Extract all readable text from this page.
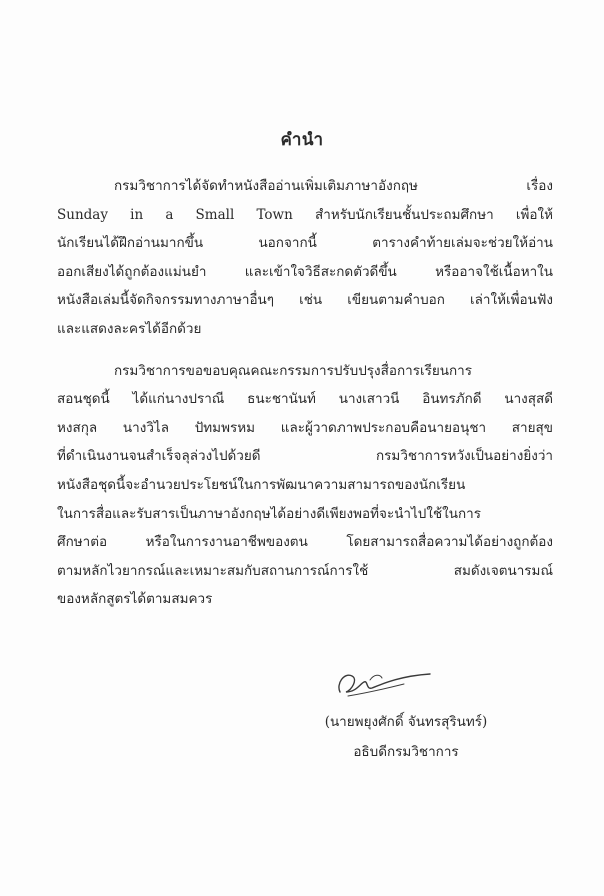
คำนำ

กรมวิชาการได้จัดทำหนังสืออ่านเพิ่มเติมภาษาอังกฤษ เรื่อง
Sunday in a Small Town สำหรับนักเรียนชั้นประถมศึกษา เพื่อให้
นักเรียนได้ฝึกอ่านมากขึ้น นอกจากนี้ ตารางคำท้ายเล่มจะช่วยให้อ่าน
ออกเสียงได้ถูกต้องแม่นยำ และเข้าใจวิธีสะกดตัวดีขึ้น หรืออาจใช้เนื้อหาใน
หนังสือเล่มนี้จัดกิจกรรมทางภาษาอื่นๆ เช่น เขียนตามคำบอก เล่าให้เพื่อนฟัง
และแสดงละครได้อีกด้วย

กรมวิชาการขอขอบคุณคณะกรรมการปรับปรุงสื่อการเรียนการ
สอนชุดนี้ ได้แก่นางปราณี ธนะชานันท์ นางเสาวนี อินทรภักดี นางสุสดี
หงสกุล นางวิไล ปัทมพรหม และผู้วาดภาพประกอบคือนายอนุชา สายสุข
ที่ดำเนินงานจนสำเร็จลุล่วงไปด้วยดี กรมวิชาการหวังเป็นอย่างยิ่งว่า
หนังสือชุดนี้จะอำนวยประโยชน์ในการพัฒนาความสามารถของนักเรียน
ในการสื่อและรับสารเป็นภาษาอังกฤษได้อย่างดีเพียงพอที่จะนำไปใช้ในการ
ศึกษาต่อ หรือในการงานอาชีพของตน โดยสามารถสื่อความได้อย่างถูกต้อง
ตามหลักไวยากรณ์และเหมาะสมกับสถานการณ์การใช้ สมดังเจตนารมณ์
ของหลักสูตรได้ตามสมควร

(นายพยุงศักดิ์ จันทรสุรินทร์)
อธิบดีกรมวิชาการ
